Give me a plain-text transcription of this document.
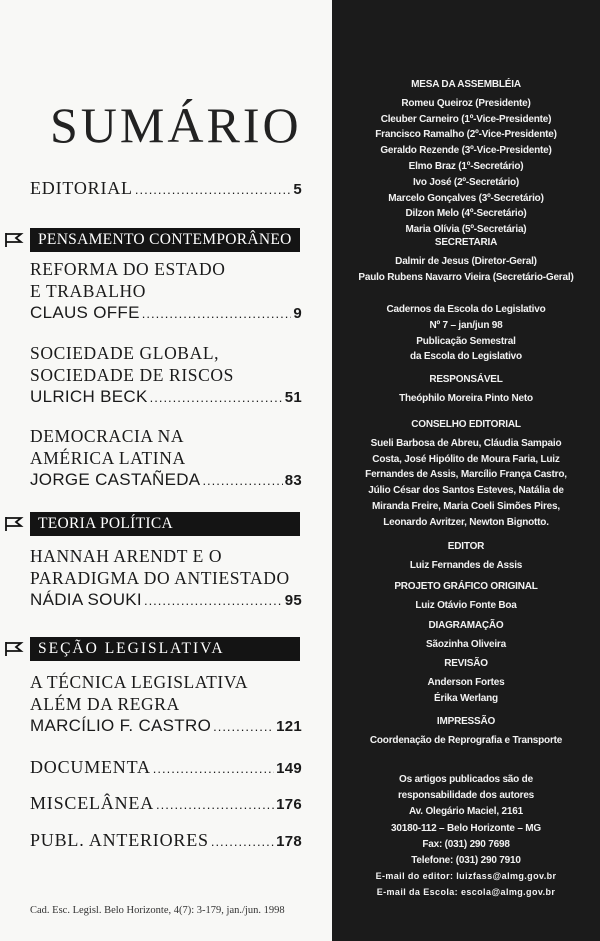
SUMÁRIO
EDITORIAL .....	5
REFORMA DO ESTADO
E TRABALHO
CLAUS OFFE .....	9
SOCIEDADE GLOBAL,
SOCIEDADE DE RISCOS
ULRICH BECK .....	51
DEMOCRACIA NA
AMÉRICA LATINA
JORGE CASTAÑEDA .....	83
HANNAH ARENDT E O
PARADIGMA DO ANTIESTADO
NÁDIA SOUKI .....	95
A TÉCNICA LEGISLATIVA
ALÉM DA REGRA
MARCÍLIO F. CASTRO .....	121
DOCUMENTA .....	149
MISCELÂNEA .....	176
PUBL. ANTERIORES .....	178
PENSAMENTO CONTEMPORÂNEO
TEORIA POLÍTICA
SEÇÃO LEGISLATIVA
Cad. Esc. Legisl. Belo Horizonte, 4(7): 3-179, jan./jun. 1998
MESA DA ASSEMBLÉIA
Romeu Queiroz (Presidente)
Cleuber Carneiro (1º-Vice-Presidente)
Francisco Ramalho (2º-Vice-Presidente)
Geraldo Rezende (3º-Vice-Presidente)
Elmo Braz (1º-Secretário)
Ivo José (2º-Secretário)
Marcelo Gonçalves (3º-Secretário)
Dilzon Melo (4º-Secretário)
Maria Olívia (5º-Secretária)
SECRETARIA
Dalmir de Jesus (Diretor-Geral)
Paulo Rubens Navarro Vieira (Secretário-Geral)
Cadernos da Escola do Legislativo
Nº 7 – jan/jun 98
Publicação Semestral
da Escola do Legislativo
RESPONSÁVEL
Theóphilo Moreira Pinto Neto
CONSELHO EDITORIAL
Sueli Barbosa de Abreu, Cláudia Sampaio
Costa, José Hipólito de Moura Faria, Luiz
Fernandes de Assis, Marcílio França Castro,
Júlio César dos Santos Esteves, Natália de
Miranda Freire, Maria Coeli Simões Pires,
Leonardo Avritzer, Newton Bignotto.
EDITOR
Luiz Fernandes de Assis
PROJETO GRÁFICO ORIGINAL
Luiz Otávio Fonte Boa
DIAGRAMAÇÃO
Sãozinha Oliveira
REVISÃO
Anderson Fortes
Érika Werlang
IMPRESSÃO
Coordenação de Reprografia e Transporte
Os artigos publicados são de
responsabilidade dos autores
Av. Olegário Maciel, 2161
30180-112 – Belo Horizonte – MG
Fax: (031) 290 7698
Telefone: (031) 290 7910
E-mail do editor: luizfass@almg.gov.br
E-mail da Escola: escola@almg.gov.br
